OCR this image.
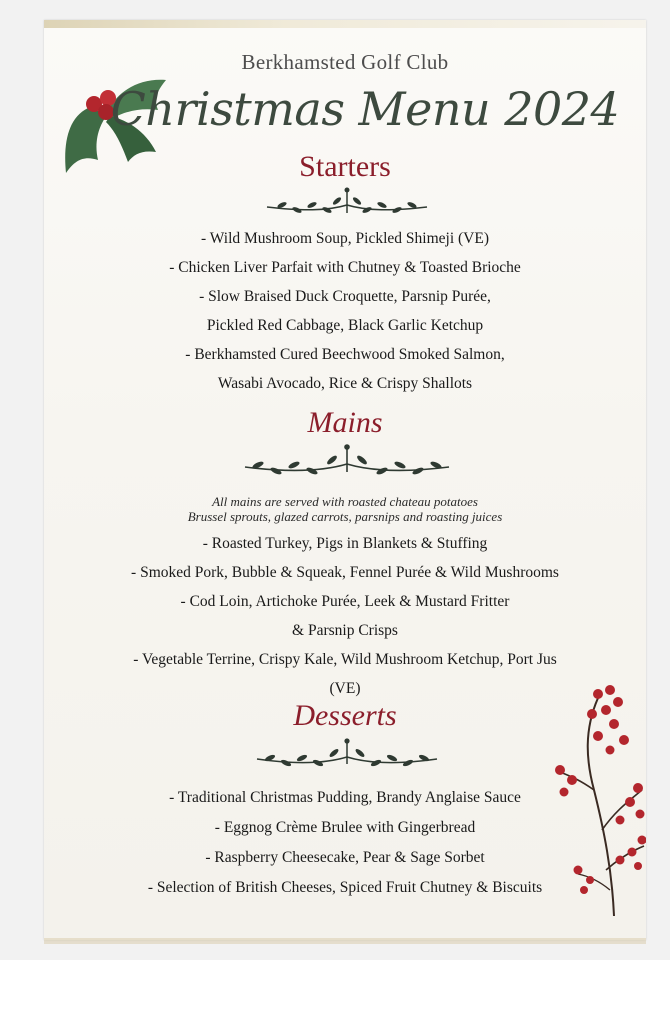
Berkhamsted Golf Club
Christmas Menu 2024
Starters
- Wild Mushroom Soup, Pickled Shimeji (VE)
- Chicken Liver Parfait with Chutney & Toasted Brioche
- Slow Braised Duck Croquette, Parsnip Purée,
Pickled Red Cabbage, Black Garlic Ketchup
- Berkhamsted Cured Beechwood Smoked Salmon,
Wasabi Avocado, Rice & Crispy Shallots
Mains
All mains are served with roasted chateau potatoes
Brussel sprouts, glazed carrots, parsnips and roasting juices
- Roasted Turkey, Pigs in Blankets & Stuffing
- Smoked Pork, Bubble & Squeak, Fennel Purée & Wild Mushrooms
- Cod Loin, Artichoke Purée, Leek & Mustard Fritter
& Parsnip Crisps
- Vegetable Terrine, Crispy Kale, Wild Mushroom Ketchup, Port Jus
(VE)
Desserts
- Traditional Christmas Pudding, Brandy Anglaise Sauce
- Eggnog Crème Brulee with Gingerbread
- Raspberry Cheesecake, Pear & Sage Sorbet
- Selection of British Cheeses, Spiced Fruit Chutney & Biscuits
